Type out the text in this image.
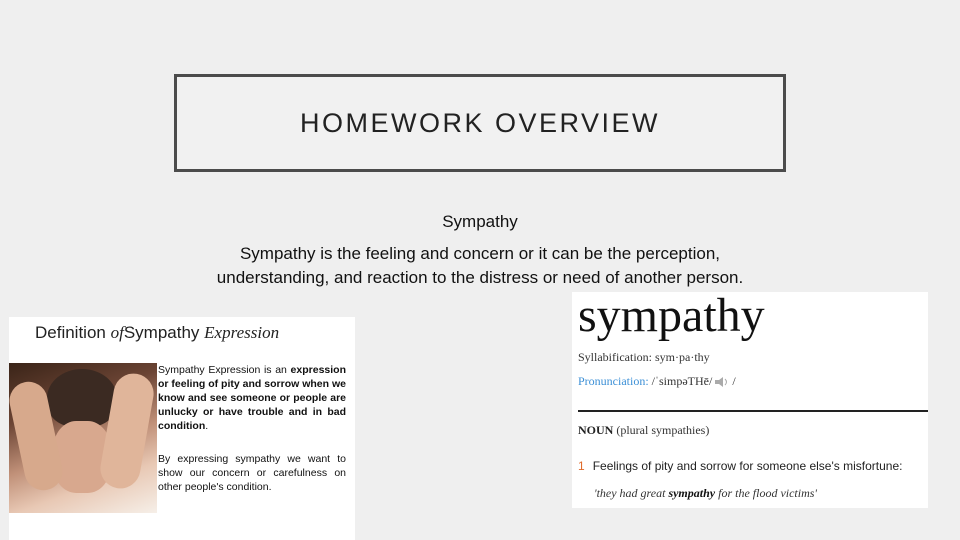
HOMEWORK OVERVIEW
Sympathy
Sympathy is the feeling and concern or it can be the perception,
understanding, and reaction to the distress or need of another person.
Definition ofSympathy Expression
Sympathy Expression is an expression or feeling of pity and sorrow when we know and see someone or people are unlucky or have trouble and in bad condition.
By expressing sympathy we want to show our concern or carefulness on other people's condition.
sympathy
Syllabification: sym·pa·thy
Pronunciation: /ˈsimpəTHē/ /
NOUN (plural sympathies)
1 Feelings of pity and sorrow for someone else's misfortune:
'they had great sympathy for the flood victims'
